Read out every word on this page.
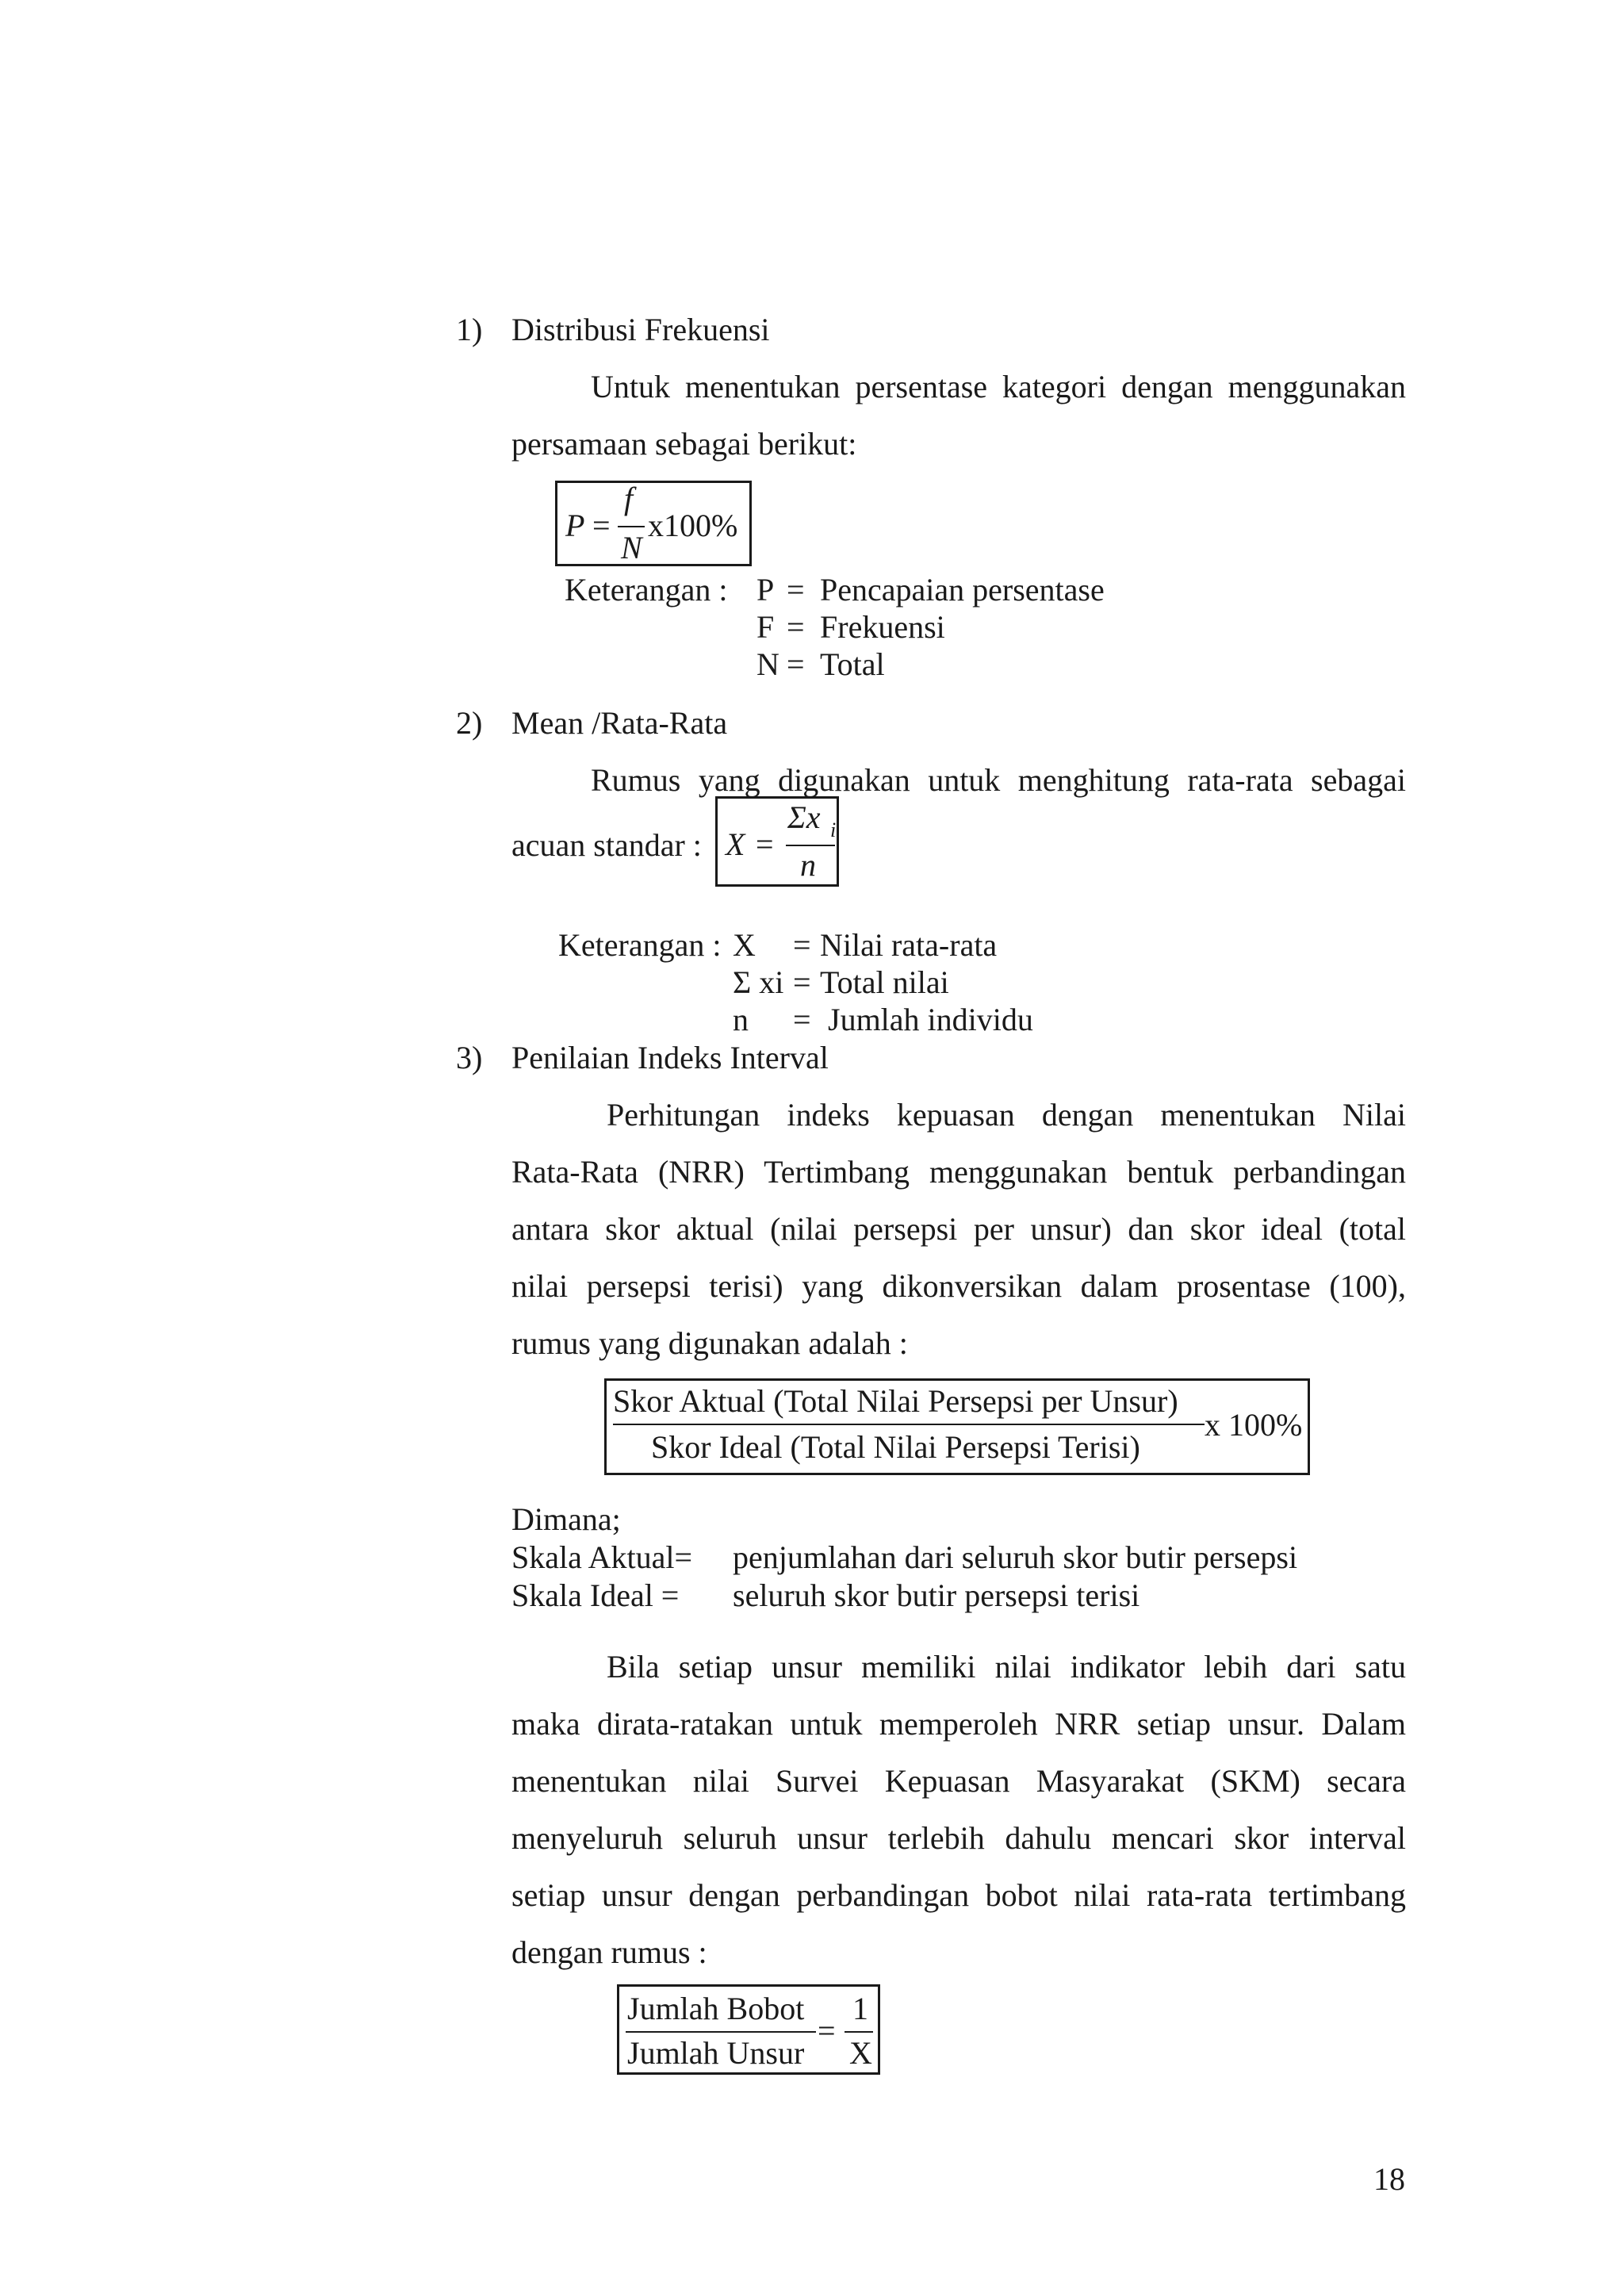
1) Distribusi Frekuensi
Untuk menentukan persentase kategori dengan menggunakan
persamaan sebagai berikut:
P =
f
N
x100%
Keterangan : P = Pencapaian persentase
F = Frekuensi
N = Total
2) Mean /Rata-Rata
Rumus yang digunakan untuk menghitung rata-rata sebagai
acuan standar : X =
Σx i
n
Keterangan : X = Nilai rata-rata
Σ xi = Total nilai
n = Jumlah individu
3) Penilaian Indeks Interval
Perhitungan indeks kepuasan dengan menentukan Nilai
Rata-Rata (NRR) Tertimbang menggunakan bentuk perbandingan
antara skor aktual (nilai persepsi per unsur) dan skor ideal (total
nilai persepsi terisi) yang dikonversikan dalam prosentase (100),
rumus yang digunakan adalah :
Skor Aktual (Total Nilai Persepsi per Unsur)
Skor Ideal (Total Nilai Persepsi Terisi)
x 100%
Dimana;
Skala Aktual= penjumlahan dari seluruh skor butir persepsi
Skala Ideal = seluruh skor butir persepsi terisi
Bila setiap unsur memiliki nilai indikator lebih dari satu
maka dirata-ratakan untuk memperoleh NRR setiap unsur. Dalam
menentukan nilai Survei Kepuasan Masyarakat (SKM) secara
menyeluruh seluruh unsur terlebih dahulu mencari skor interval
setiap unsur dengan perbandingan bobot nilai rata-rata tertimbang
dengan rumus :
Jumlah Bobot
Jumlah Unsur
=
1
X
18
